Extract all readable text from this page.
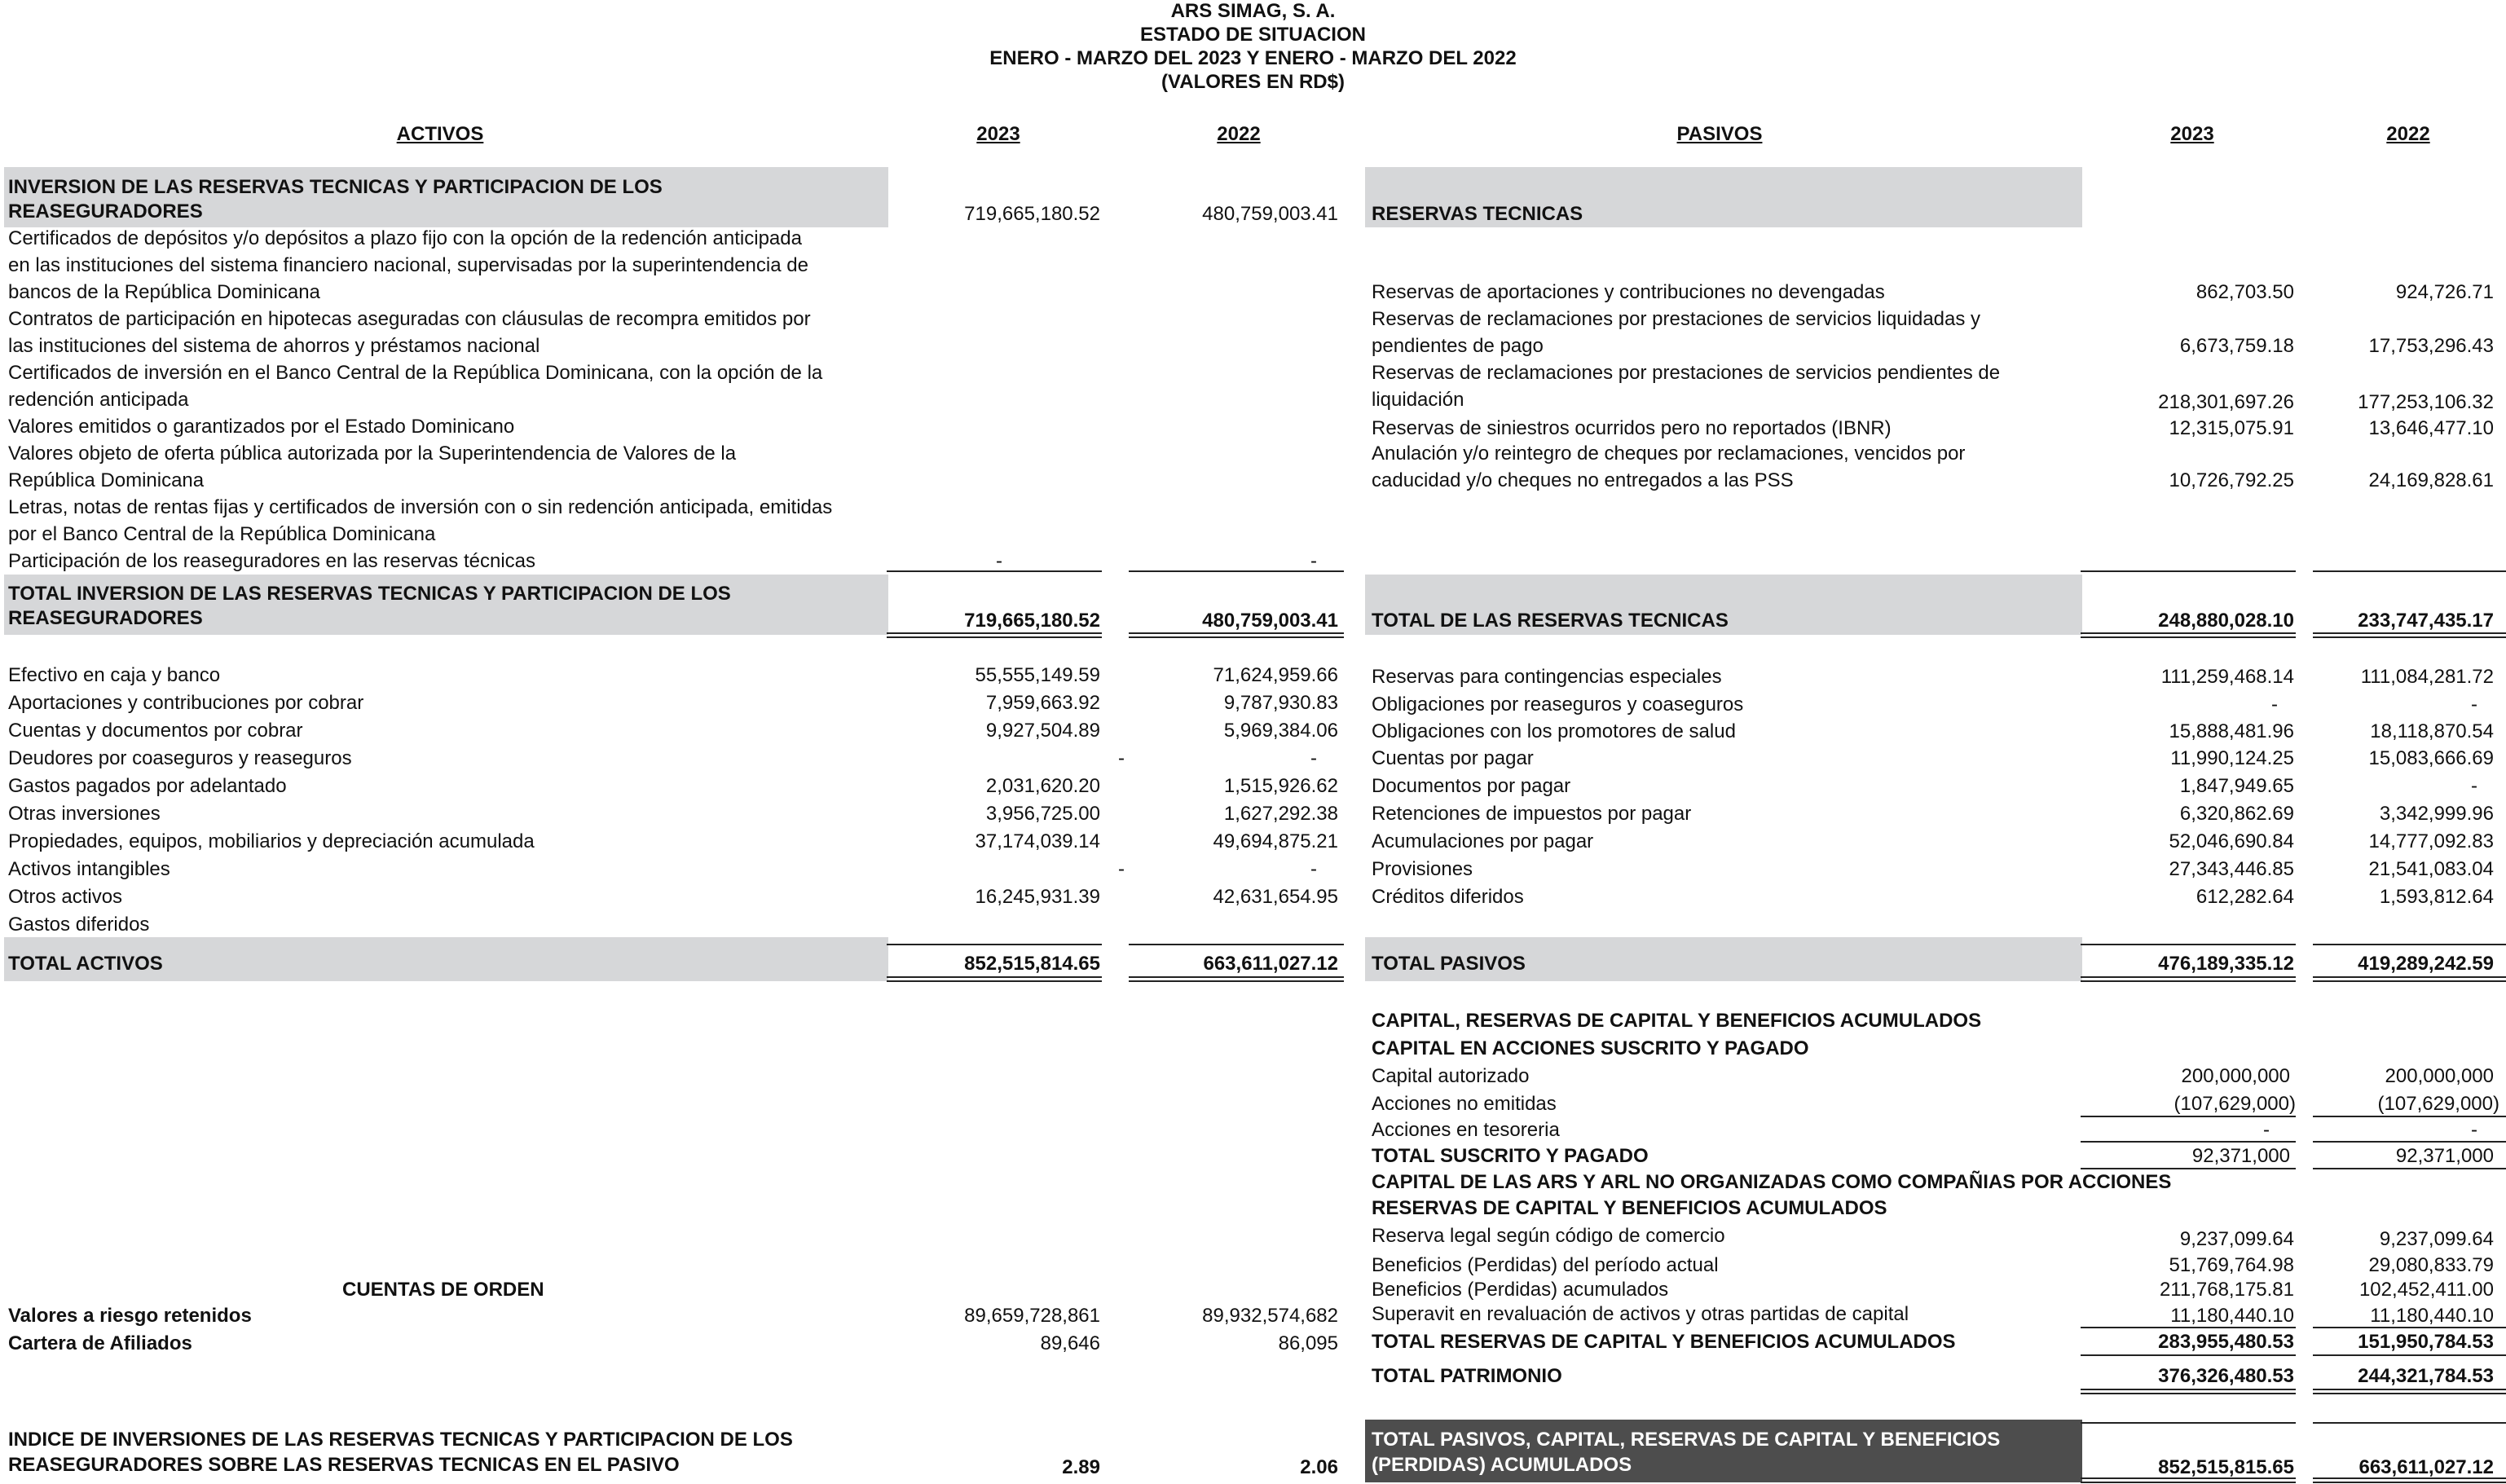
ARS SIMAG, S. A.
ESTADO DE SITUACION
ENERO - MARZO DEL 2023 Y ENERO - MARZO DEL 2022
(VALORES EN RD$)
ACTIVOS	2023	2022	PASIVOS	2023	2022
INVERSION DE LAS RESERVAS TECNICAS Y PARTICIPACION DE LOS
REASEGURADORES	719,665,180.52	480,759,003.41
Certificados de depósitos y/o depósitos a plazo fijo con la opción de la redención anticipada
en las instituciones del sistema financiero nacional, supervisadas por la superintendencia de
bancos de la República Dominicana
Contratos de participación en hipotecas aseguradas con cláusulas de recompra emitidos por
las instituciones del sistema de ahorros y préstamos nacional
Certificados de inversión en el Banco Central de la República Dominicana, con la opción de la
redención anticipada
Valores emitidos o garantizados por el Estado Dominicano
Valores objeto de oferta pública autorizada por la Superintendencia de Valores de la
República Dominicana
Letras, notas de rentas fijas y certificados de inversión con o sin redención anticipada, emitidas
por el Banco Central de la República Dominicana
Participación de los reaseguradores en las reservas técnicas	-	-
TOTAL INVERSION DE LAS RESERVAS TECNICAS Y PARTICIPACION DE LOS
REASEGURADORES	719,665,180.52	480,759,003.41
Efectivo en caja y banco	55,555,149.59	71,624,959.66
Aportaciones y contribuciones por cobrar	7,959,663.92	9,787,930.83
Cuentas y documentos por cobrar	9,927,504.89	5,969,384.06
Deudores por coaseguros y reaseguros	-	-
Gastos pagados por adelantado	2,031,620.20	1,515,926.62
Otras inversiones	3,956,725.00	1,627,292.38
Propiedades, equipos, mobiliarios y depreciación acumulada	37,174,039.14	49,694,875.21
Activos intangibles	-	-
Otros activos	16,245,931.39	42,631,654.95
Gastos diferidos
TOTAL ACTIVOS	852,515,814.65	663,611,027.12
RESERVAS TECNICAS
Reservas de aportaciones y contribuciones no devengadas	862,703.50	924,726.71
Reservas de reclamaciones por prestaciones de servicios liquidadas y
pendientes de pago	6,673,759.18	17,753,296.43
Reservas de reclamaciones por prestaciones de servicios pendientes de
liquidación	218,301,697.26	177,253,106.32
Reservas de siniestros ocurridos pero no reportados (IBNR)	12,315,075.91	13,646,477.10
Anulación y/o reintegro de cheques por reclamaciones, vencidos por
caducidad y/o cheques no entregados a las PSS	10,726,792.25	24,169,828.61
TOTAL DE LAS RESERVAS TECNICAS	248,880,028.10	233,747,435.17
Reservas para contingencias especiales	111,259,468.14	111,084,281.72
Obligaciones por reaseguros y coaseguros	-	-
Obligaciones con los promotores de salud	15,888,481.96	18,118,870.54
Cuentas por pagar	11,990,124.25	15,083,666.69
Documentos por pagar	1,847,949.65	-
Retenciones de impuestos por pagar	6,320,862.69	3,342,999.96
Acumulaciones por pagar	52,046,690.84	14,777,092.83
Provisiones	27,343,446.85	21,541,083.04
Créditos diferidos	612,282.64	1,593,812.64
TOTAL PASIVOS	476,189,335.12	419,289,242.59
CAPITAL, RESERVAS DE CAPITAL Y BENEFICIOS ACUMULADOS
CAPITAL EN ACCIONES SUSCRITO Y PAGADO
Capital autorizado	200,000,000	200,000,000
Acciones no emitidas	(107,629,000)	(107,629,000)
Acciones en tesoreria	-	-
TOTAL SUSCRITO Y PAGADO	92,371,000	92,371,000
CAPITAL DE LAS ARS Y ARL NO ORGANIZADAS COMO COMPAÑIAS POR ACCIONES
RESERVAS DE CAPITAL Y BENEFICIOS ACUMULADOS
Reserva legal según código de comercio	9,237,099.64	9,237,099.64
Beneficios (Perdidas) del período actual	51,769,764.98	29,080,833.79
Beneficios (Perdidas) acumulados	211,768,175.81	102,452,411.00
Superavit en revaluación de activos y otras partidas de capital	11,180,440.10	11,180,440.10
TOTAL RESERVAS DE CAPITAL Y BENEFICIOS ACUMULADOS	283,955,480.53	151,950,784.53
TOTAL PATRIMONIO	376,326,480.53	244,321,784.53
TOTAL PASIVOS, CAPITAL, RESERVAS DE CAPITAL Y BENEFICIOS
(PERDIDAS) ACUMULADOS	852,515,815.65	663,611,027.12
CUENTAS DE ORDEN
Valores a riesgo retenidos	89,659,728,861	89,932,574,682
Cartera de Afiliados	89,646	86,095
INDICE DE INVERSIONES DE LAS RESERVAS TECNICAS Y PARTICIPACION DE LOS
REASEGURADORES SOBRE LAS RESERVAS TECNICAS EN EL PASIVO	2.89	2.06
